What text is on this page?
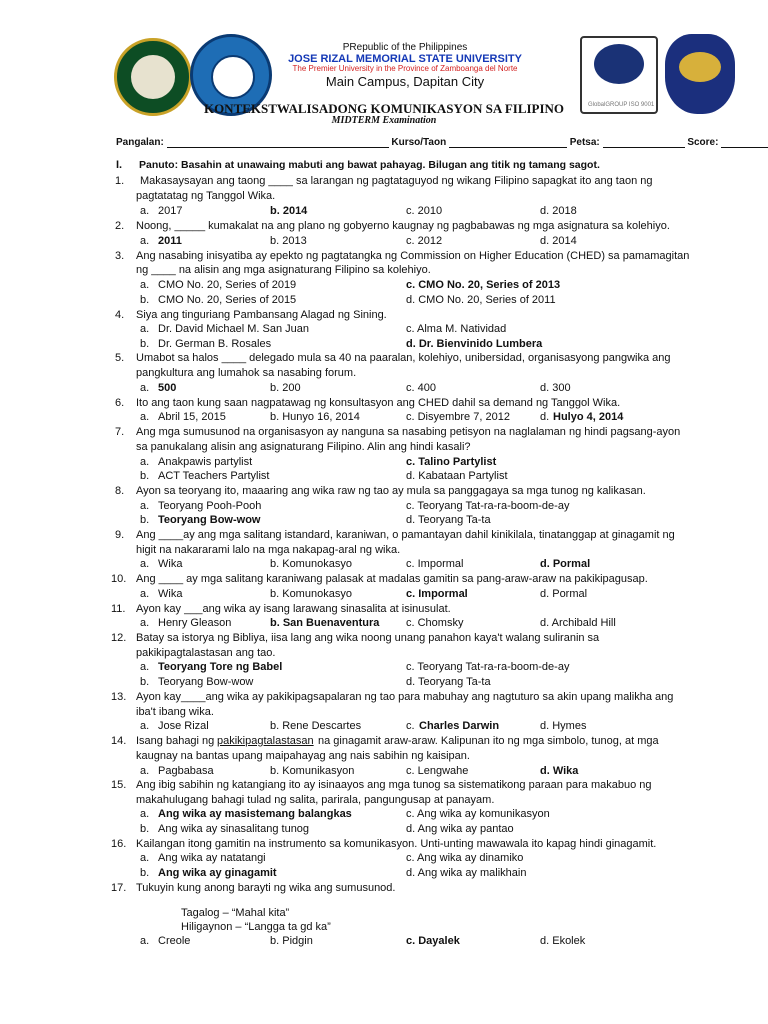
PRepublic of the Philippines
JOSE RIZAL MEMORIAL STATE UNIVERSITY
The Premier University in the Province of Zamboanga del Norte
Main Campus, Dapitan City
GlobalGROUP ISO 9001
KONTEKSTWALISADONG KOMUNIKASYON SA FILIPINO
MIDTERM Examination
Pangalan:	Kurso/Taon	Petsa:	Score:
I. Panuto: Basahin at unawaing mabuti ang bawat pahayag. Bilugan ang titik ng tamang sagot.
1. Makasaysayan ang taong ____ sa larangan ng pagtataguyod ng wikang Filipino sapagkat ito ang taon ng
pagtatatag ng Tanggol Wika.
a. 2017	b. 2014	c. 2010	d. 2018
2. Noong, _____ kumakalat na ang plano ng gobyerno kaugnay ng pagbabawas ng mga asignatura sa kolehiyo.
a. 2011	b. 2013	c. 2012	d. 2014
3. Ang nasabing inisyatiba ay epekto ng pagtatangka ng Commission on Higher Education (CHED) sa pamamagitan
ng ____ na alisin ang mga asignaturang Filipino sa kolehiyo.
a. CMO No. 20, Series of 2019	c. CMO No. 20, Series of 2013
b. CMO No. 20, Series of 2015	d. CMO No. 20, Series of 2011
4. Siya ang tinguriang Pambansang Alagad ng Sining.
a. Dr. David Michael M. San Juan	c. Alma M. Natividad
b. Dr. German B. Rosales	d. Dr. Bienvinido Lumbera
5. Umabot sa halos ____ delegado mula sa 40 na paaralan, kolehiyo, unibersidad, organisasyong pangwika ang
pangkultura ang lumahok sa nasabing forum.
a. 500	b. 200	c. 400	d. 300
6. Ito ang taon kung saan nagpatawag ng konsultasyon ang CHED dahil sa demand ng Tanggol Wika.
a. Abril 15, 2015	b. Hunyo 16, 2014	c. Disyembre 7, 2012	d. Hulyo 4, 2014
7. Ang mga sumusunod na organisasyon ay nanguna sa nasabing petisyon na naglalaman ng hindi pagsang-ayon
sa panukalang alisin ang asignaturang Filipino. Alin ang hindi kasali?
a. Anakpawis partylist	c. Talino Partylist
b. ACT Teachers Partylist	d. Kabataan Partylist
8. Ayon sa teoryang ito, maaaring ang wika raw ng tao ay mula sa panggagaya sa mga tunog ng kalikasan.
a. Teoryang Pooh-Pooh	c. Teoryang Tat-ra-ra-boom-de-ay
b. Teoryang Bow-wow	d. Teoryang Ta-ta
9. Ang ____ay ang mga salitang istandard, karaniwan, o pamantayan dahil kinikilala, tinatanggap at ginagamit ng
higit na nakararami lalo na mga nakapag-aral ng wika.
a. Wika	b. Komunokasyo	c. Impormal	d. Pormal
10. Ang ____ ay mga salitang karaniwang palasak at madalas gamitin sa pang-araw-araw na pakikipagusap.
a. Wika	b. Komunokasyo	c. Impormal	d. Pormal
11. Ayon kay ___ang wika ay isang larawang sinasalita at isinusulat.
a. Henry Gleason	b. San Buenaventura c. Chomsky	d. Archibald Hill
12. Batay sa istorya ng Bibliya, iisa lang ang wika noong unang panahon kaya't walang suliranin sa
pakikipagtalastasan ang tao.
a. Teoryang Tore ng Babel	c. Teoryang Tat-ra-ra-boom-de-ay
b. Teoryang Bow-wow	d. Teoryang Ta-ta
13. Ayon kay____ang wika ay pakikipagsapalaran ng tao para mabuhay ang nagtuturo sa akin upang malikha ang
iba't ibang wika.
a. Jose Rizal	b. Rene Descartes	c. Charles Darwin	d. Hymes
14. Isang bahagi ng pakikipagtalastasan na ginagamit araw-araw. Kalipunan ito ng mga simbolo, tunog, at mga
kaugnay na bantas upang maipahayag ang nais sabihin ng kaisipan.
a. Pagbabasa	b. Komunikasyon	c. Lengwahe	d. Wika
15. Ang ibig sabihin ng katangiang ito ay isinaayos ang mga tunog sa sistematikong paraan para makabuo ng
makahulugang bahagi tulad ng salita, parirala, pangungusap at panayam.
a. Ang wika ay masistemang balangkas	c. Ang wika ay komunikasyon
b. Ang wika ay sinasalitang tunog	d. Ang wika ay pantao
16. Kailangan itong gamitin na instrumento sa komunikasyon. Unti-unting mawawala ito kapag hindi ginagamit.
a. Ang wika ay natatangi	c. Ang wika ay dinamiko
b. Ang wika ay ginagamit	d. Ang wika ay malikhain
17. Tukuyin kung anong barayti ng wika ang sumusunod.
Tagalog – “Mahal kita”
Hiligaynon – “Langga ta gd ka”
a. Creole	b. Pidgin	c. Dayalek	d. Ekolek
